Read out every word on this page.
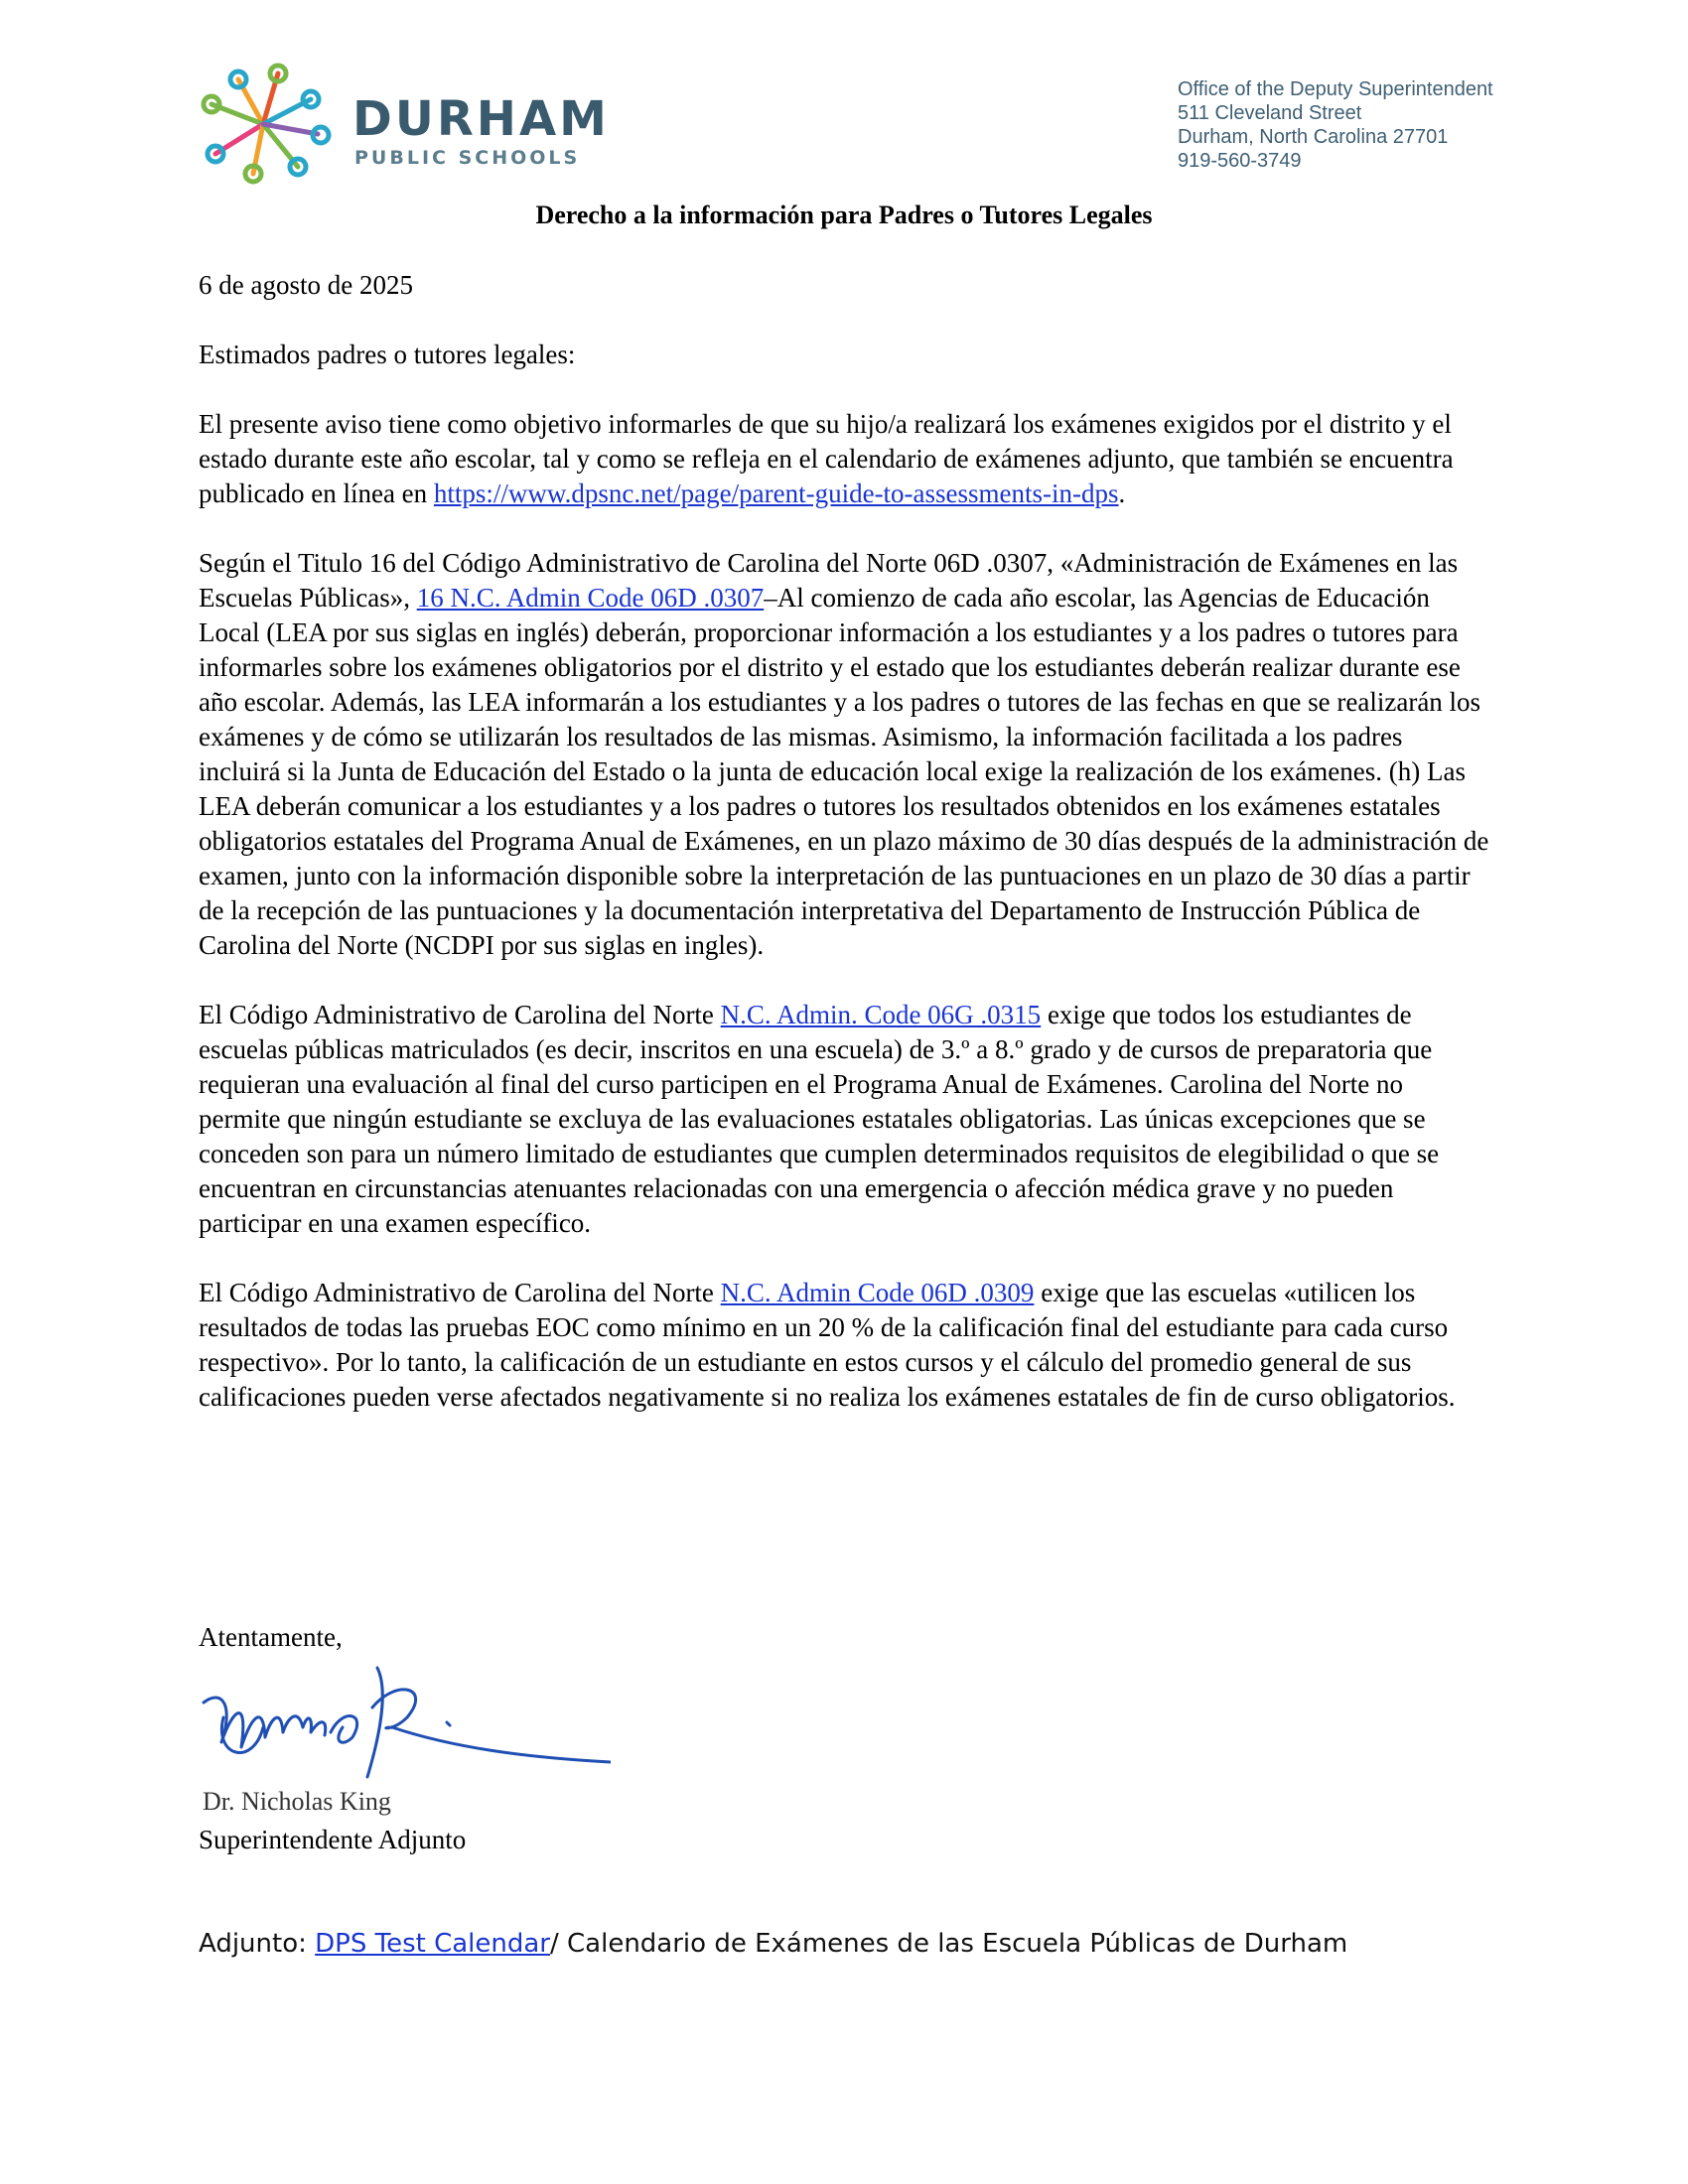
DURHAM
PUBLIC SCHOOLS
Office of the Deputy Superintendent
511 Cleveland Street
Durham, North Carolina 27701
919-560-3749
Derecho a la información para Padres o Tutores Legales

6 de agosto de 2025

Estimados padres o tutores legales:

El presente aviso tiene como objetivo informarles de que su hijo/a realizará los exámenes exigidos por el distrito y el estado durante este año escolar, tal y como se refleja en el calendario de exámenes adjunto, que también se encuentra publicado en línea en https://www.dpsnc.net/page/parent-guide-to-assessments-in-dps.

Según el Titulo 16 del Código Administrativo de Carolina del Norte 06D .0307, «Administración de Exámenes en las Escuelas Públicas», 16 N.C. Admin Code 06D .0307–Al comienzo de cada año escolar, las Agencias de Educación Local (LEA por sus siglas en inglés) deberán, proporcionar información a los estudiantes y a los padres o tutores para informarles sobre los exámenes obligatorios por el distrito y el estado que los estudiantes deberán realizar durante ese año escolar. Además, las LEA informarán a los estudiantes y a los padres o tutores de las fechas en que se realizarán los exámenes y de cómo se utilizarán los resultados de las mismas. Asimismo, la información facilitada a los padres incluirá si la Junta de Educación del Estado o la junta de educación local exige la realización de los exámenes. (h) Las LEA deberán comunicar a los estudiantes y a los padres o tutores los resultados obtenidos en los exámenes estatales obligatorios estatales del Programa Anual de Exámenes, en un plazo máximo de 30 días después de la administración de examen, junto con la información disponible sobre la interpretación de las puntuaciones en un plazo de 30 días a partir de la recepción de las puntuaciones y la documentación interpretativa del Departamento de Instrucción Pública de Carolina del Norte (NCDPI por sus siglas en ingles).

El Código Administrativo de Carolina del Norte N.C. Admin. Code 06G .0315 exige que todos los estudiantes de escuelas públicas matriculados (es decir, inscritos en una escuela) de 3.º a 8.º grado y de cursos de preparatoria que requieran una evaluación al final del curso participen en el Programa Anual de Exámenes. Carolina del Norte no permite que ningún estudiante se excluya de las evaluaciones estatales obligatorias. Las únicas excepciones que se conceden son para un número limitado de estudiantes que cumplen determinados requisitos de elegibilidad o que se encuentran en circunstancias atenuantes relacionadas con una emergencia o afección médica grave y no pueden participar en una examen específico.

El Código Administrativo de Carolina del Norte N.C. Admin Code 06D .0309 exige que las escuelas «utilicen los resultados de todas las pruebas EOC como mínimo en un 20 % de la calificación final del estudiante para cada curso respectivo». Por lo tanto, la calificación de un estudiante en estos cursos y el cálculo del promedio general de sus calificaciones pueden verse afectados negativamente si no realiza los exámenes estatales de fin de curso obligatorios.

Atentamente,
Dr. Nicholas King
Superintendente Adjunto
Adjunto: DPS Test Calendar/ Calendario de Exámenes de las Escuela Públicas de Durham
